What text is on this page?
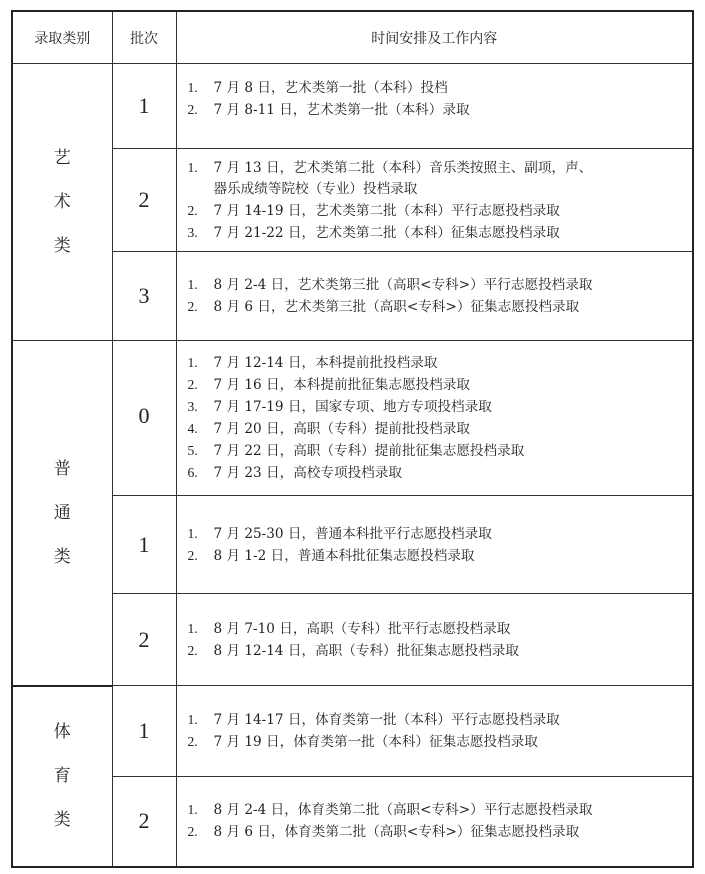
录取类别	批次	时间安排及工作内容

艺
术
类
	1	
1. 7 月 8 日，艺术类第一批（本科）投档
2. 7 月 8-11 日，艺术类第一批（本科）录取

	2	1. 7 月 13 日，艺术类第二批（本科）音乐类按照主、副项，声、
器乐成绩等院校（专业）投档录取
2. 7 月 14-19 日，艺术类第二批（本科）平行志愿投档录取
3. 7 月 21-22 日，艺术类第二批（本科）征集志愿投档录取

	3	1. 8 月 2-4 日，艺术类第三批（高职<专科>）平行志愿投档录取
2. 8 月 6 日，艺术类第三批（高职<专科>）征集志愿投档录取

普
通
类
	0	
1. 7 月 12-14 日，本科提前批投档录取
2. 7 月 16 日，本科提前批征集志愿投档录取
3. 7 月 17-19 日，国家专项、地方专项投档录取
4. 7 月 20 日，高职（专科）提前批投档录取
5. 7 月 22 日，高职（专科）提前批征集志愿投档录取
6. 7 月 23 日，高校专项投档录取

	1	1. 7 月 25-30 日，普通本科批平行志愿投档录取
2. 8 月 1-2 日，普通本科批征集志愿投档录取

	2	1. 8 月 7-10 日，高职（专科）批平行志愿投档录取
2. 8 月 12-14 日，高职（专科）批征集志愿投档录取

体
育
类
	1	1. 7 月 14-17 日，体育类第一批（本科）平行志愿投档录取
2. 7 月 19 日，体育类第一批（本科）征集志愿投档录取

	2	1. 8 月 2-4 日，体育类第二批（高职<专科>）平行志愿投档录取
2. 8 月 6 日，体育类第二批（高职<专科>）征集志愿投档录取
